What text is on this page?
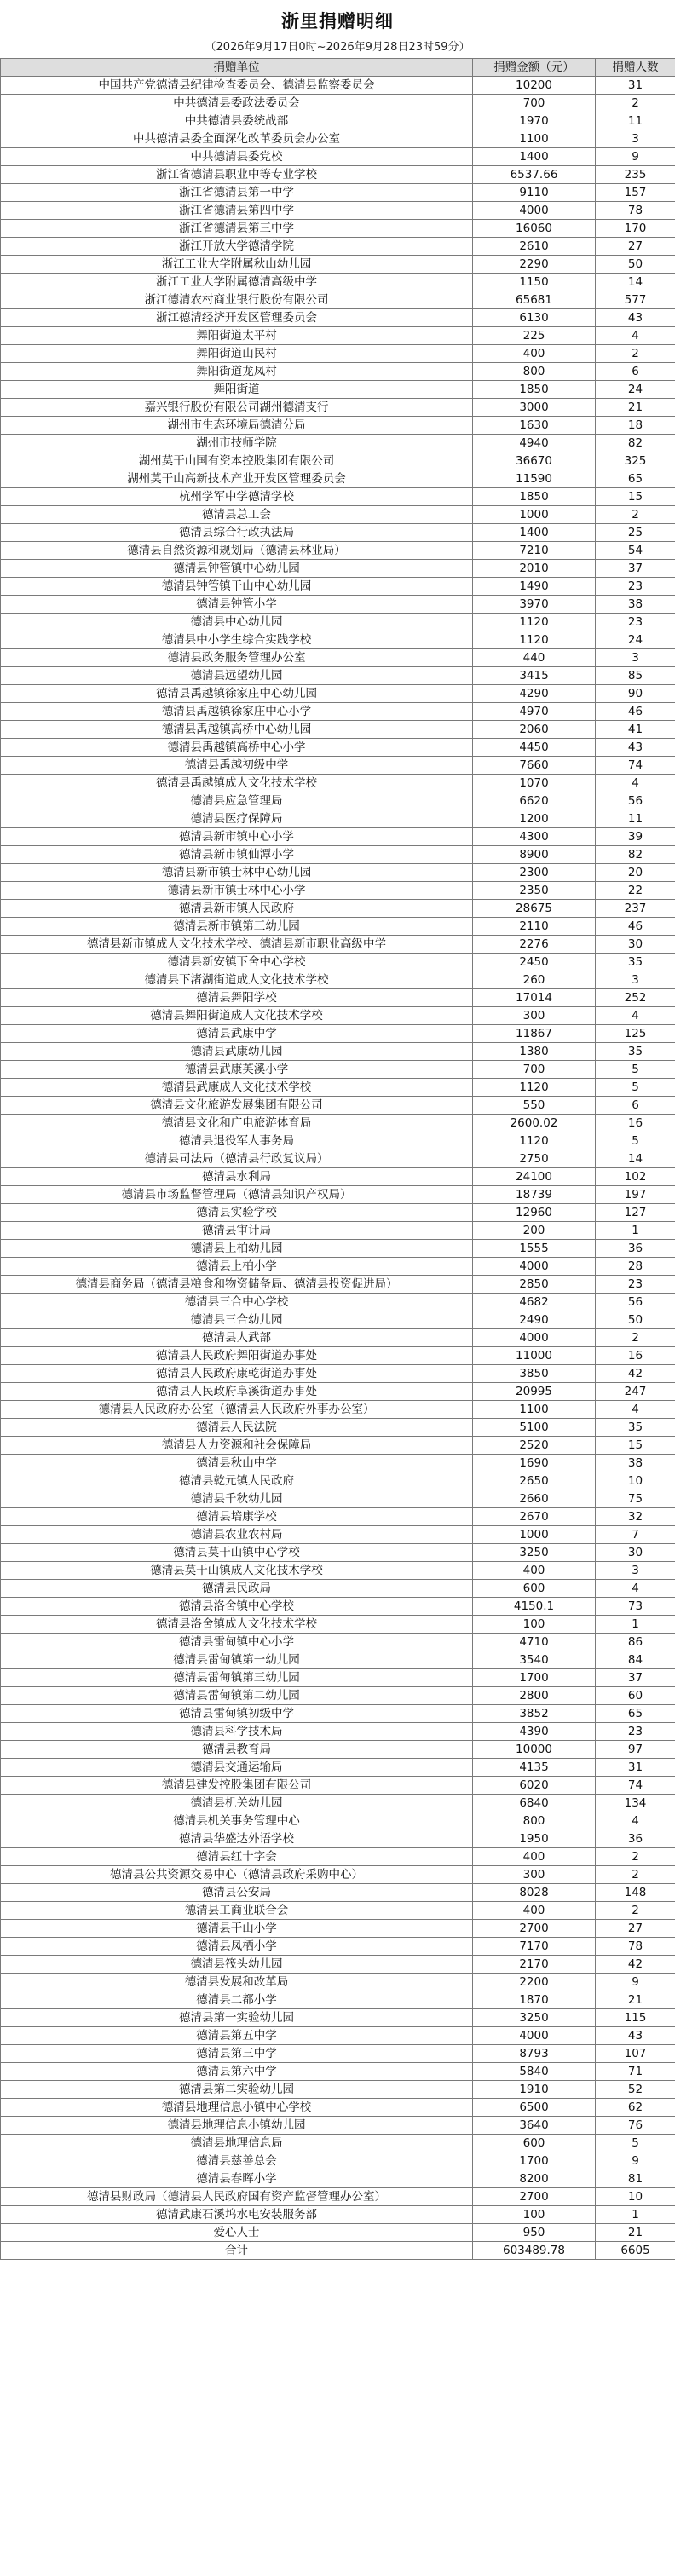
浙里捐赠明细
（2026年9月17日0时~2026年9月28日23时59分）
捐赠单位	捐赠金额（元）	捐赠人数
中国共产党德清县纪律检查委员会、德清县监察委员会	10200	31
中共德清县委政法委员会	700	2
中共德清县委统战部	1970	11
中共德清县委全面深化改革委员会办公室	1100	3
中共德清县委党校	1400	9
浙江省德清县职业中等专业学校	6537.66	235
浙江省德清县第一中学	9110	157
浙江省德清县第四中学	4000	78
浙江省德清县第三中学	16060	170
浙江开放大学德清学院	2610	27
浙江工业大学附属秋山幼儿园	2290	50
浙江工业大学附属德清高级中学	1150	14
浙江德清农村商业银行股份有限公司	65681	577
浙江德清经济开发区管理委员会	6130	43
舞阳街道太平村	225	4
舞阳街道山民村	400	2
舞阳街道龙凤村	800	6
舞阳街道	1850	24
嘉兴银行股份有限公司湖州德清支行	3000	21
湖州市生态环境局德清分局	1630	18
湖州市技师学院	4940	82
湖州莫干山国有资本控股集团有限公司	36670	325
湖州莫干山高新技术产业开发区管理委员会	11590	65
杭州学军中学德清学校	1850	15
德清县总工会	1000	2
德清县综合行政执法局	1400	25
德清县自然资源和规划局（德清县林业局）	7210	54
德清县钟管镇中心幼儿园	2010	37
德清县钟管镇干山中心幼儿园	1490	23
德清县钟管小学	3970	38
德清县中心幼儿园	1120	23
德清县中小学生综合实践学校	1120	24
德清县政务服务管理办公室	440	3
德清县远望幼儿园	3415	85
德清县禹越镇徐家庄中心幼儿园	4290	90
德清县禹越镇徐家庄中心小学	4970	46
德清县禹越镇高桥中心幼儿园	2060	41
德清县禹越镇高桥中心小学	4450	43
德清县禹越初级中学	7660	74
德清县禹越镇成人文化技术学校	1070	4
德清县应急管理局	6620	56
德清县医疗保障局	1200	11
德清县新市镇中心小学	4300	39
德清县新市镇仙潭小学	8900	82
德清县新市镇士林中心幼儿园	2300	20
德清县新市镇士林中心小学	2350	22
德清县新市镇人民政府	28675	237
德清县新市镇第三幼儿园	2110	46
德清县新市镇成人文化技术学校、德清县新市职业高级中学	2276	30
德清县新安镇下舍中心学校	2450	35
德清县下渚湖街道成人文化技术学校	260	3
德清县舞阳学校	17014	252
德清县舞阳街道成人文化技术学校	300	4
德清县武康中学	11867	125
德清县武康幼儿园	1380	35
德清县武康英溪小学	700	5
德清县武康成人文化技术学校	1120	5
德清县文化旅游发展集团有限公司	550	6
德清县文化和广电旅游体育局	2600.02	16
德清县退役军人事务局	1120	5
德清县司法局（德清县行政复议局）	2750	14
德清县水利局	24100	102
德清县市场监督管理局（德清县知识产权局）	18739	197
德清县实验学校	12960	127
德清县审计局	200	1
德清县上柏幼儿园	1555	36
德清县上柏小学	4000	28
德清县商务局（德清县粮食和物资储备局、德清县投资促进局）	2850	23
德清县三合中心学校	4682	56
德清县三合幼儿园	2490	50
德清县人武部	4000	2
德清县人民政府舞阳街道办事处	11000	16
德清县人民政府康乾街道办事处	3850	42
德清县人民政府阜溪街道办事处	20995	247
德清县人民政府办公室（德清县人民政府外事办公室）	1100	4
德清县人民法院	5100	35
德清县人力资源和社会保障局	2520	15
德清县秋山中学	1690	38
德清县乾元镇人民政府	2650	10
德清县千秋幼儿园	2660	75
德清县培康学校	2670	32
德清县农业农村局	1000	7
德清县莫干山镇中心学校	3250	30
德清县莫干山镇成人文化技术学校	400	3
德清县民政局	600	4
德清县洛舍镇中心学校	4150.1	73
德清县洛舍镇成人文化技术学校	100	1
德清县雷甸镇中心小学	4710	86
德清县雷甸镇第一幼儿园	3540	84
德清县雷甸镇第三幼儿园	1700	37
德清县雷甸镇第二幼儿园	2800	60
德清县雷甸镇初级中学	3852	65
德清县科学技术局	4390	23
德清县教育局	10000	97
德清县交通运输局	4135	31
德清县建发控股集团有限公司	6020	74
德清县机关幼儿园	6840	134
德清县机关事务管理中心	800	4
德清县华盛达外语学校	1950	36
德清县红十字会	400	2
德清县公共资源交易中心（德清县政府采购中心）	300	2
德清县公安局	8028	148
德清县工商业联合会	400	2
德清县干山小学	2700	27
德清县凤栖小学	7170	78
德清县筏头幼儿园	2170	42
德清县发展和改革局	2200	9
德清县二都小学	1870	21
德清县第一实验幼儿园	3250	115
德清县第五中学	4000	43
德清县第三中学	8793	107
德清县第六中学	5840	71
德清县第二实验幼儿园	1910	52
德清县地理信息小镇中心学校	6500	62
德清县地理信息小镇幼儿园	3640	76
德清县地理信息局	600	5
德清县慈善总会	1700	9
德清县春晖小学	8200	81
德清县财政局（德清县人民政府国有资产监督管理办公室）	2700	10
德清武康石溪坞水电安装服务部	100	1
爱心人士	950	21
合计	603489.78	6605
